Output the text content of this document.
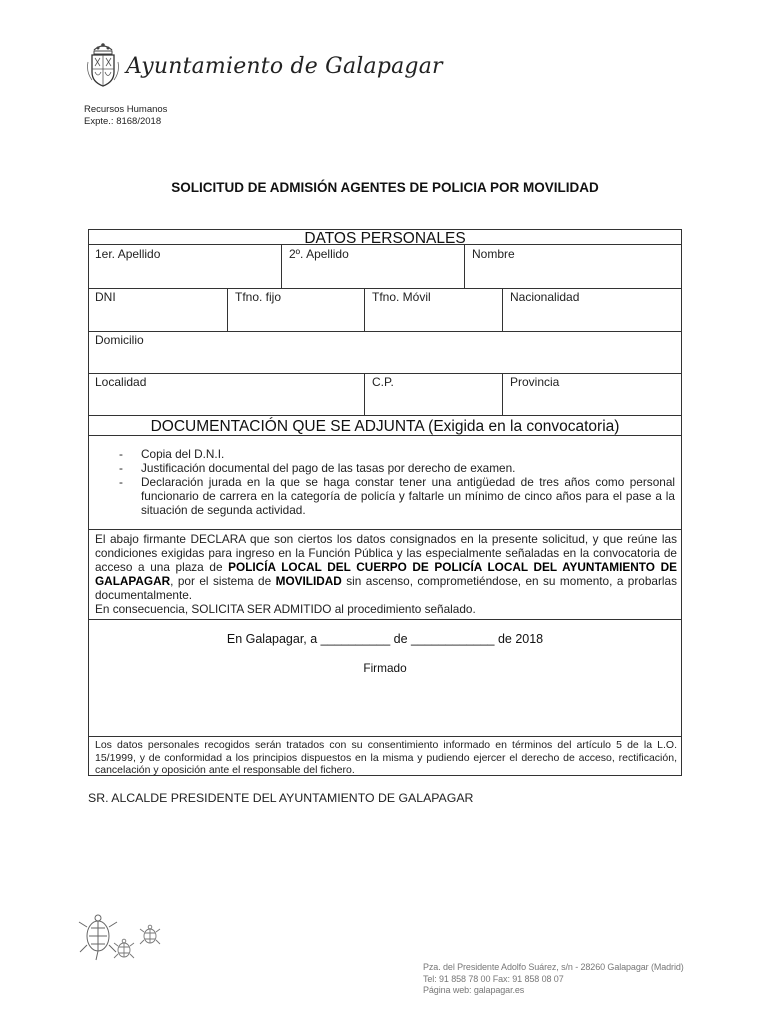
Ayuntamiento de Galapagar
Recursos Humanos
Expte.: 8168/2018
SOLICITUD DE ADMISIÓN AGENTES DE POLICIA POR MOVILIDAD
DATOS PERSONALES
1er. Apellido	2º. Apellido	Nombre
DNI	Tfno. fijo	Tfno. Móvil	Nacionalidad
Domicilio
Localidad	C.P.	Provincia
DOCUMENTACIÓN QUE SE ADJUNTA (Exigida en la convocatoria)
- Copia del D.N.I.
- Justificación documental del pago de las tasas por derecho de examen.
- Declaración jurada en la que se haga constar tener una antigüedad de tres años como personal funcionario de carrera en la categoría de policía y faltarle un mínimo de cinco años para el pase a la situación de segunda actividad.
El abajo firmante DECLARA que son ciertos los datos consignados en la presente solicitud, y que reúne las condiciones exigidas para ingreso en la Función Pública y las especialmente señaladas en la convocatoria de acceso a una plaza de POLICÍA LOCAL DEL CUERPO DE POLICÍA LOCAL DEL AYUNTAMIENTO DE GALAPAGAR, por el sistema de MOVILIDAD sin ascenso, comprometiéndose, en su momento, a probarlas documentalmente.
En consecuencia, SOLICITA SER ADMITIDO al procedimiento señalado.
En Galapagar, a __________ de ____________ de 2018
Firmado
Los datos personales recogidos serán tratados con su consentimiento informado en términos del artículo 5 de la L.O. 15/1999, y de conformidad a los principios dispuestos en la misma y pudiendo ejercer el derecho de acceso, rectificación, cancelación y oposición ante el responsable del fichero.
SR. ALCALDE PRESIDENTE DEL AYUNTAMIENTO DE GALAPAGAR
Pza. del Presidente Adolfo Suárez, s/n - 28260 Galapagar (Madrid)
Tel: 91 858 78 00 Fax: 91 858 08 07
Página web: galapagar.es
